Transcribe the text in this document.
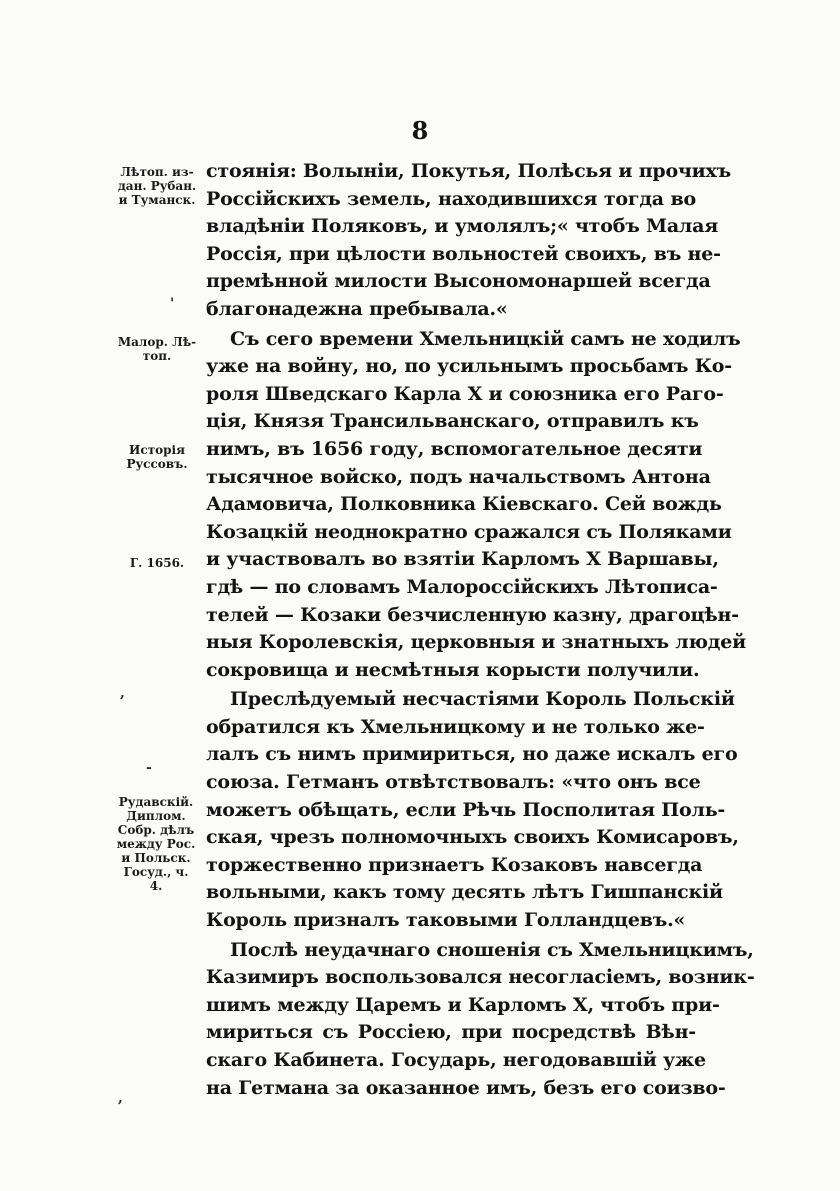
8
Лѣтоп. из-
дан. Рубан.
и Туманск.
Малор. Лѣ-
топ.
Исторія
Руссовъ.
Г. 1656.
Рудавскій.
Диплом.
Собр. дѣлъ
между Рос.
и Польск.
Госуд., ч.
4.
'
,
-
,
стоянія: Волыніи, Покутья, Полѣсья и прочихъ
Россійскихъ земель, находившихся тогда во
владѣніи Поляковъ, и умолялъ;« чтобъ Малая
Россія, при цѣлости вольностей своихъ, въ не-
премѣнной милости Высономонаршей всегда
благонадежна пребывала.«
Съ сего времени Хмельницкій самъ не ходилъ
уже на войну, но, по усильнымъ просьбамъ Ко-
роля Шведскаго Карла X и союзника его Раго-
ція, Князя Трансильванскаго, отправилъ къ
нимъ, въ 1656 году, вспомогательное десяти
тысячное войско, подъ начальствомъ Антона
Адамовича, Полковника Кіевскаго. Сей вождь
Козацкій неоднократно сражался съ Поляками
и участвовалъ во взятіи Карломъ X Варшавы,
гдѣ — по словамъ Малороссійскихъ Лѣтописа-
телей — Козаки безчисленную казну, драгоцѣн-
ныя Королевскія, церковныя и знатныхъ людей
сокровища и несмѣтныя корысти получили.
Преслѣдуемый несчастіями Король Польскій
обратился къ Хмельницкому и не только же-
лалъ съ нимъ примириться, но даже искалъ его
союза. Гетманъ отвѣтствовалъ: «что онъ все
можетъ обѣщать, если Рѣчь Посполитая Поль-
ская, чрезъ полномочныхъ своихъ Комисаровъ,
торжественно признаетъ Козаковъ навсегда
вольными, какъ тому десять лѣтъ Гишпанскій
Король призналъ таковыми Голландцевъ.«
Послѣ неудачнаго сношенія съ Хмельницкимъ,
Казимиръ воспользовался несогласіемъ, возник-
шимъ между Царемъ и Карломъ X, чтобъ при-
мириться съ Россіею, при посредствѣ Вѣн-
скаго Кабинета. Государь, негодовавшій уже
на Гетмана за оказанное имъ, безъ его соизво-
